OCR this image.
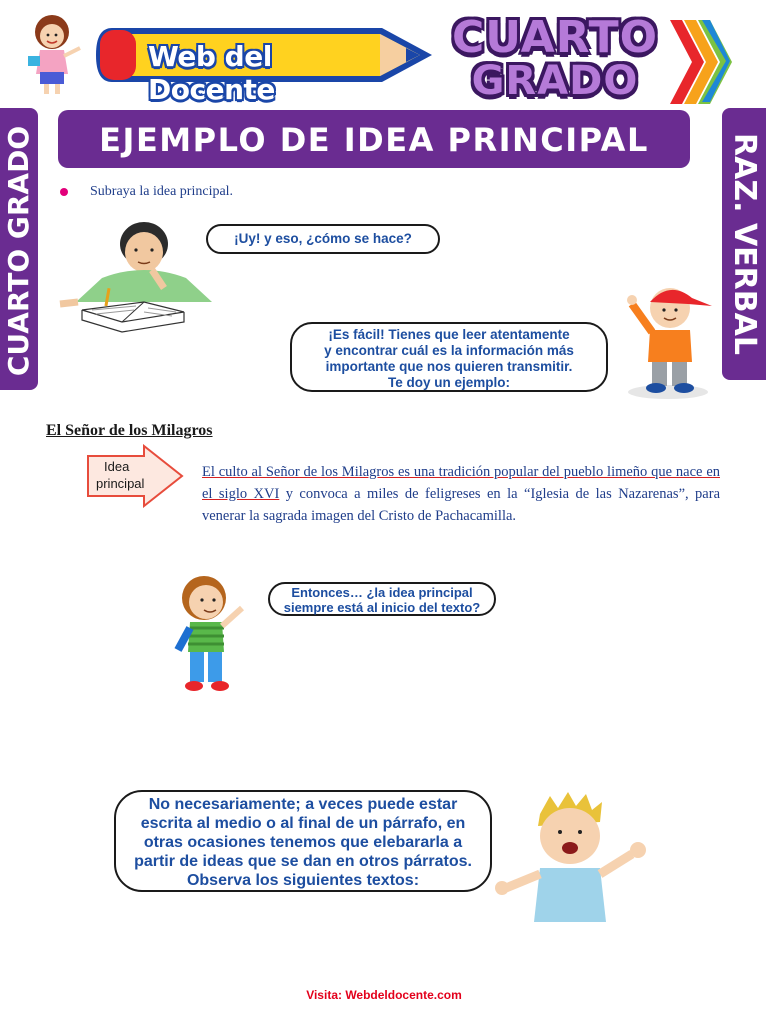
Web del Docente
CUARTO
GRADO
EJEMPLO DE IDEA PRINCIPAL
CUARTO GRADO	RAZ. VERBAL
Subraya la idea principal.
¡Uy! y eso, ¿cómo se hace?
¡Es fácil! Tienes que leer atentamente
y encontrar cuál es la información más
importante que nos quieren transmitir.
Te doy un ejemplo:
El Señor de los Milagros
Idea
principal
El culto al Señor de los Milagros es una tradición popular del pueblo limeño que nace en el siglo XVI y convoca a miles de feligreses en la “Iglesia de las Nazarenas”, para venerar la sagrada imagen del Cristo de Pachacamilla.
Entonces… ¿la idea principal
siempre está al inicio del texto?
No necesariamente; a veces puede estar
escrita al medio o al final de un párrafo, en
otras ocasiones tenemos que elebararla a
partir de ideas que se dan en otros párratos.
Observa los siguientes textos:
Visita: Webdeldocente.com
